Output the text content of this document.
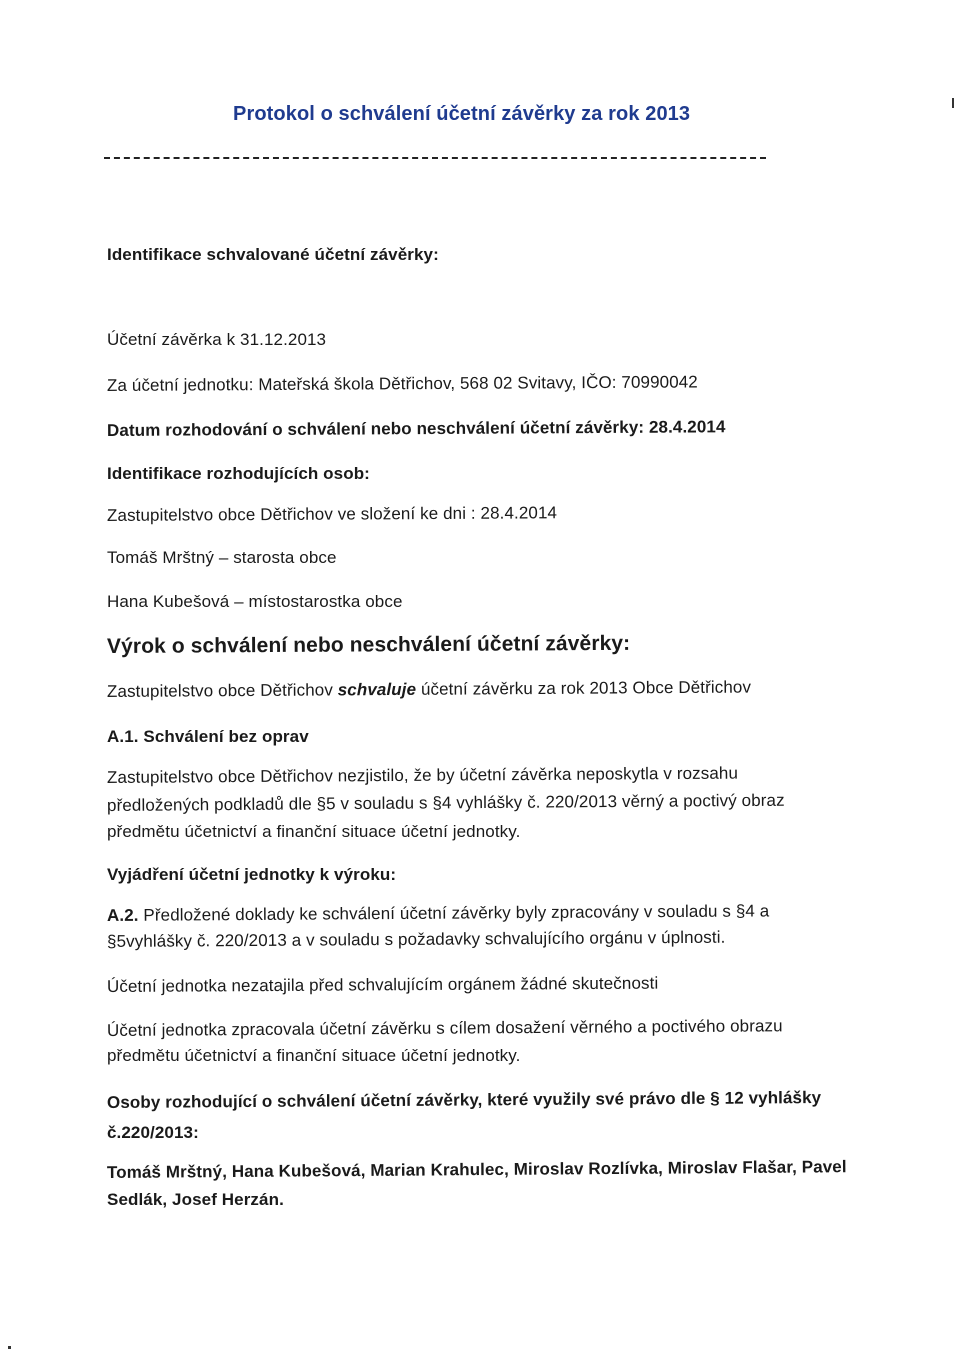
Protokol o schválení účetní závěrky za rok 2013
Identifikace schvalované účetní závěrky:
Účetní závěrka k 31.12.2013
Za účetní jednotku: Mateřská škola Dětřichov, 568 02 Svitavy, IČO: 70990042
Datum rozhodování o schválení nebo neschválení účetní závěrky: 28.4.2014
Identifikace rozhodujících osob:
Zastupitelstvo obce Dětřichov ve složení ke dni : 28.4.2014
Tomáš Mrštný – starosta obce
Hana Kubešová – místostarostka obce
Výrok o schválení nebo neschválení účetní závěrky:
Zastupitelstvo obce Dětřichov schvaluje účetní závěrku za rok 2013 Obce Dětřichov
A.1. Schválení bez oprav
Zastupitelstvo obce Dětřichov nezjistilo, že by účetní závěrka neposkytla v rozsahu
předložených podkladů dle §5 v souladu s §4 vyhlášky č. 220/2013 věrný a poctivý obraz
předmětu účetnictví a finanční situace účetní jednotky.
Vyjádření účetní jednotky k výroku:
A.2. Předložené doklady ke schválení účetní závěrky byly zpracovány v souladu s §4 a
§5vyhlášky č. 220/2013 a v souladu s požadavky schvalujícího orgánu v úplnosti.
Účetní jednotka nezatajila před schvalujícím orgánem žádné skutečnosti
Účetní jednotka zpracovala účetní závěrku s cílem dosažení věrného a poctivého obrazu
předmětu účetnictví a finanční situace účetní jednotky.
Osoby rozhodující o schválení účetní závěrky, které využily své právo dle § 12 vyhlášky
č.220/2013:
Tomáš Mrštný, Hana Kubešová, Marian Krahulec, Miroslav Rozlívka, Miroslav Flašar, Pavel
Sedlák, Josef Herzán.
